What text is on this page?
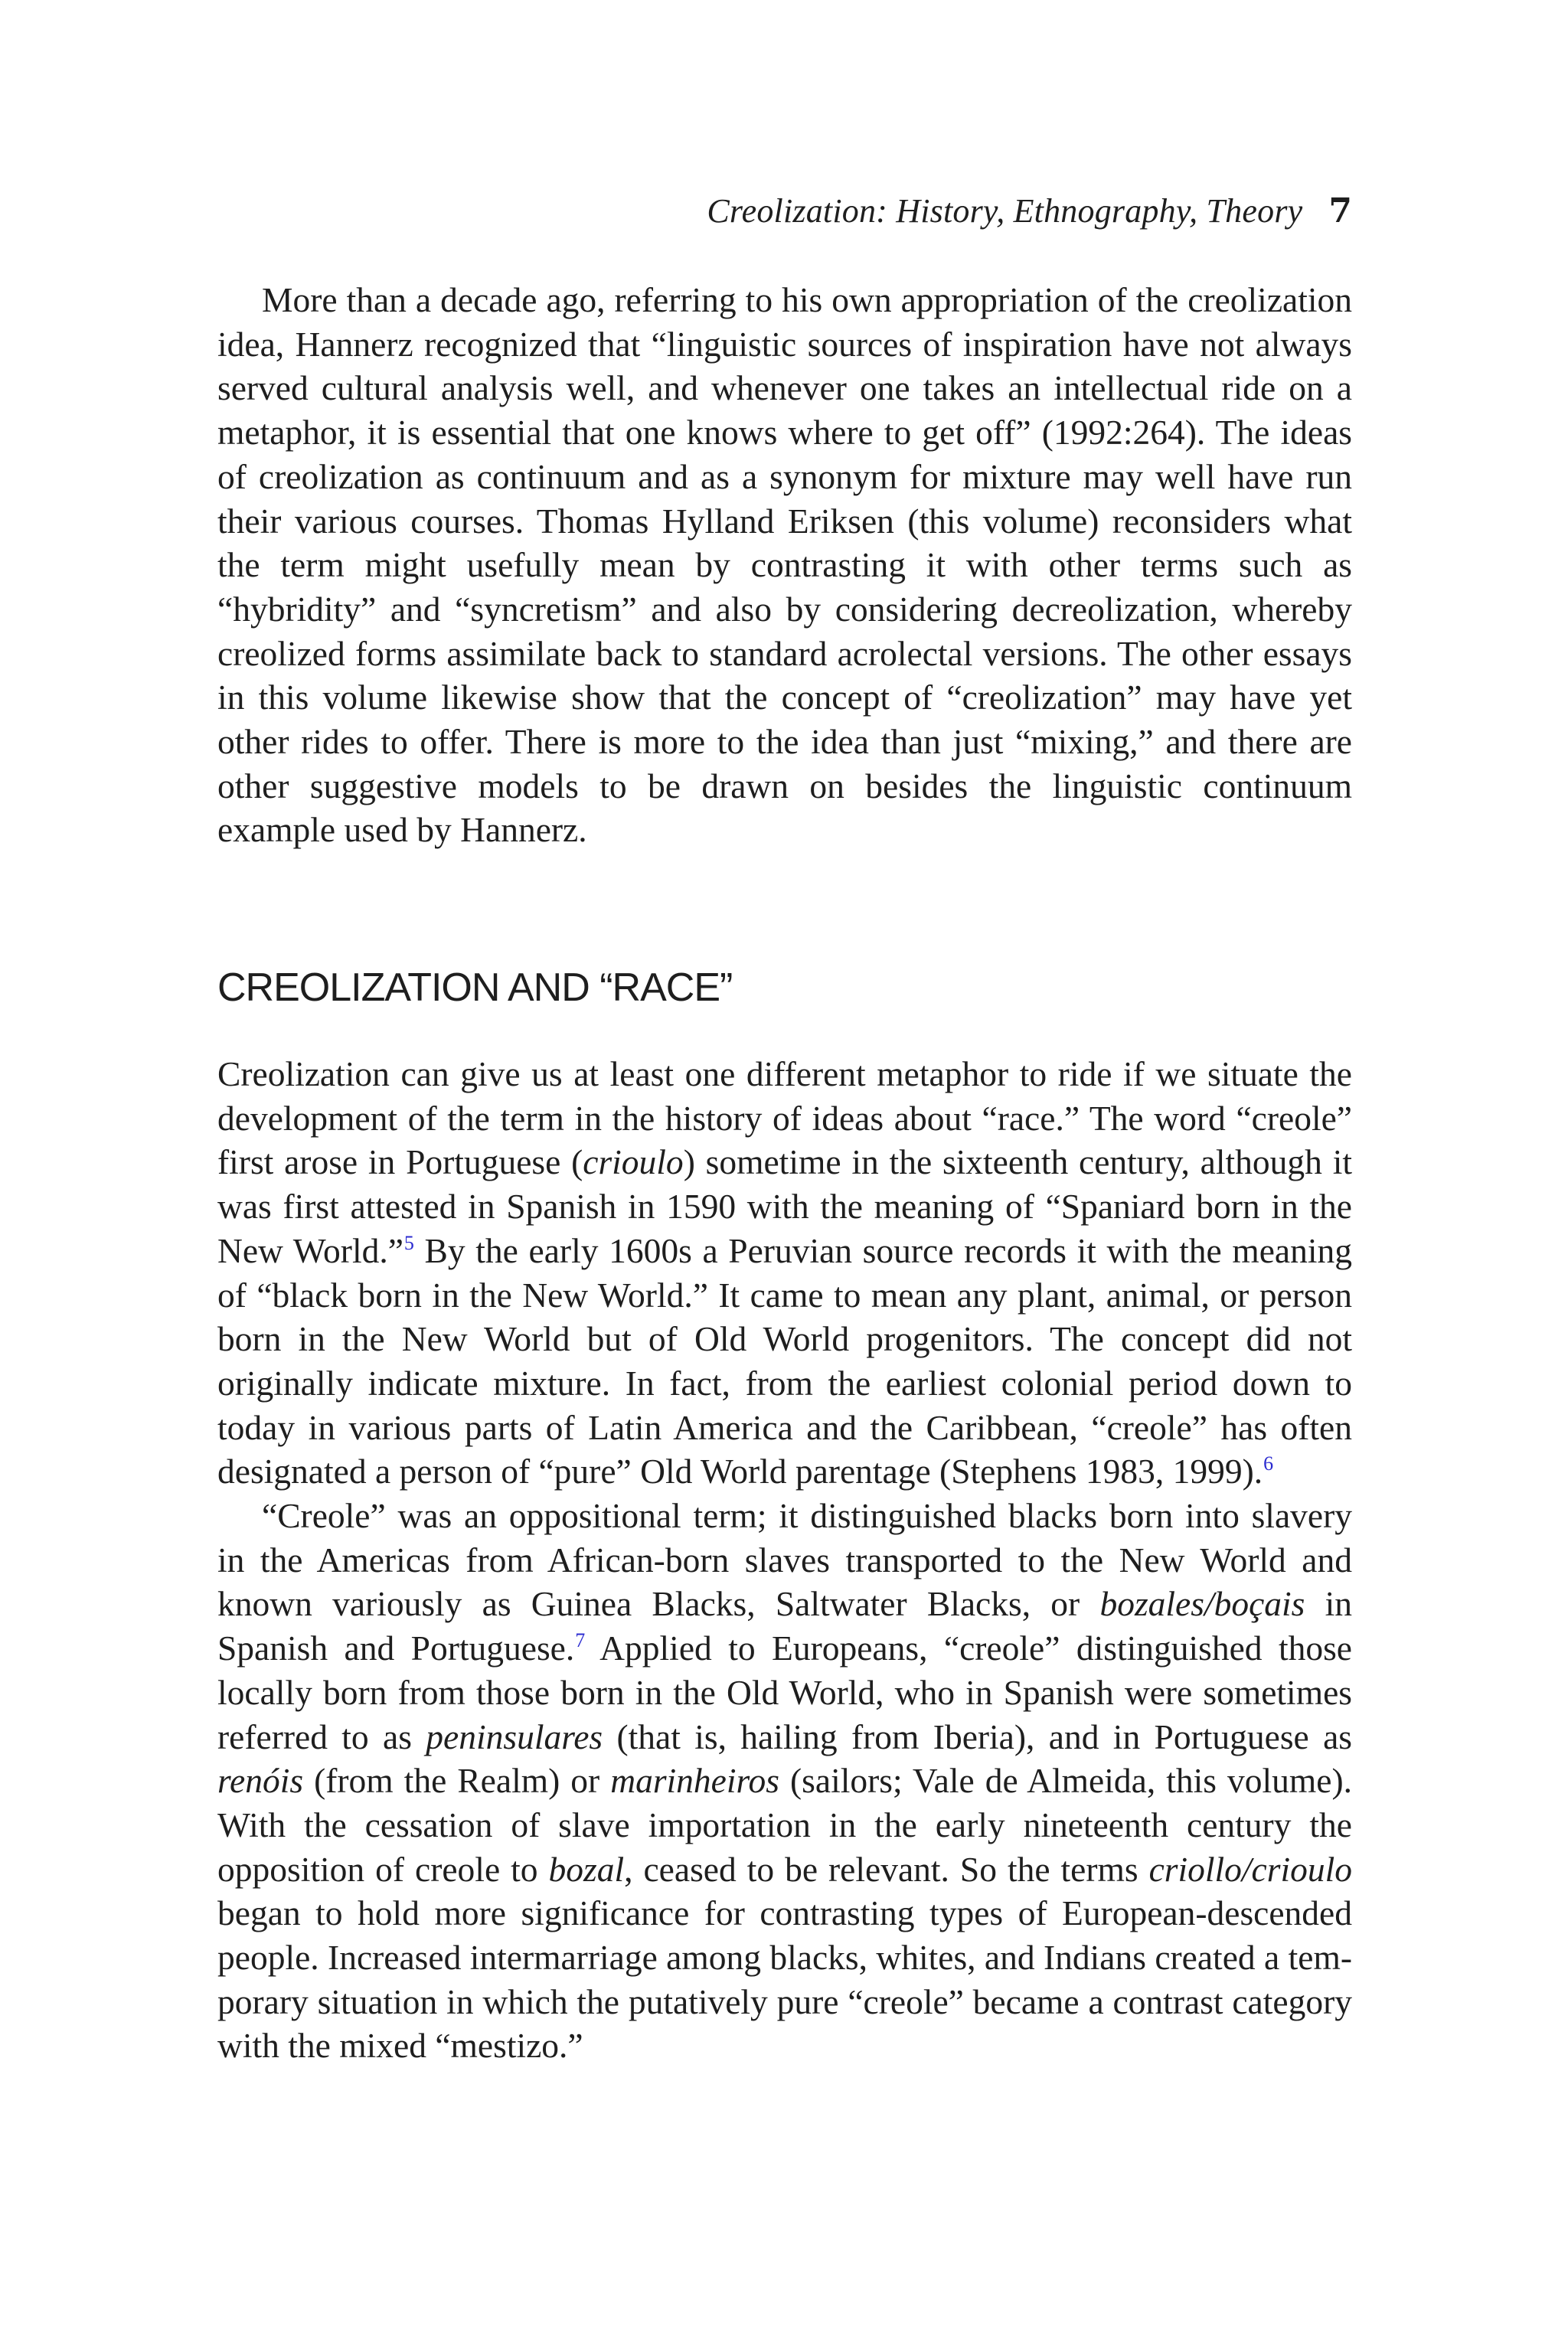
Creolization: History, Ethnography, Theory 7

More than a decade ago, referring to his own appropriation of the creolization idea, Hannerz recognized that “linguistic sources of inspiration have not always served cultural analysis well, and whenever one takes an intellectual ride on a metaphor, it is essential that one knows where to get off” (1992:264). The ideas of creolization as continuum and as a synonym for mixture may well have run their various courses. Thomas Hylland Eriksen (this volume) reconsiders what the term might usefully mean by contrasting it with other terms such as “hybridity” and “syncretism” and also by considering decreolization, whereby creolized forms assimilate back to standard acrolectal versions. The other essays in this volume likewise show that the concept of “creolization” may have yet other rides to offer. There is more to the idea than just “mixing,” and there are other suggestive models to be drawn on besides the linguistic continuum example used by Hannerz.

CREOLIZATION AND “RACE”

Creolization can give us at least one different metaphor to ride if we situate the development of the term in the history of ideas about “race.” The word “creole” first arose in Portuguese (crioulo) sometime in the sixteenth century, although it was first attested in Spanish in 1590 with the meaning of “Spaniard born in the New World.”$^5$ By the early 1600s a Peruvian source records it with the meaning of “black born in the New World.” It came to mean any plant, animal, or person born in the New World but of Old World progenitors. The concept did not originally indicate mixture. In fact, from the earliest colonial period down to today in various parts of Latin America and the Caribbean, “creole” has often designated a person of “pure” Old World parentage (Stephens 1983, 1999).$^6$

“Creole” was an oppositional term; it distinguished blacks born into slavery in the Americas from African-born slaves transported to the New World and known variously as Guinea Blacks, Saltwater Blacks, or bozales/boçais in Spanish and Portuguese.$^7$ Applied to Europeans, “creole” distinguished those locally born from those born in the Old World, who in Spanish were sometimes referred to as peninsulares (that is, hailing from Iberia), and in Portuguese as renóis (from the Realm) or marinheiros (sailors; Vale de Almeida, this volume). With the cessation of slave importation in the early nineteenth century the opposition of creole to bozal, ceased to be relevant. So the terms criollo/crioulo began to hold more significance for contrasting types of European-descended people. Increased intermarriage among blacks, whites, and Indians created a temporary situation in which the putatively pure “creole” became a contrast category with the mixed “mestizo.”
